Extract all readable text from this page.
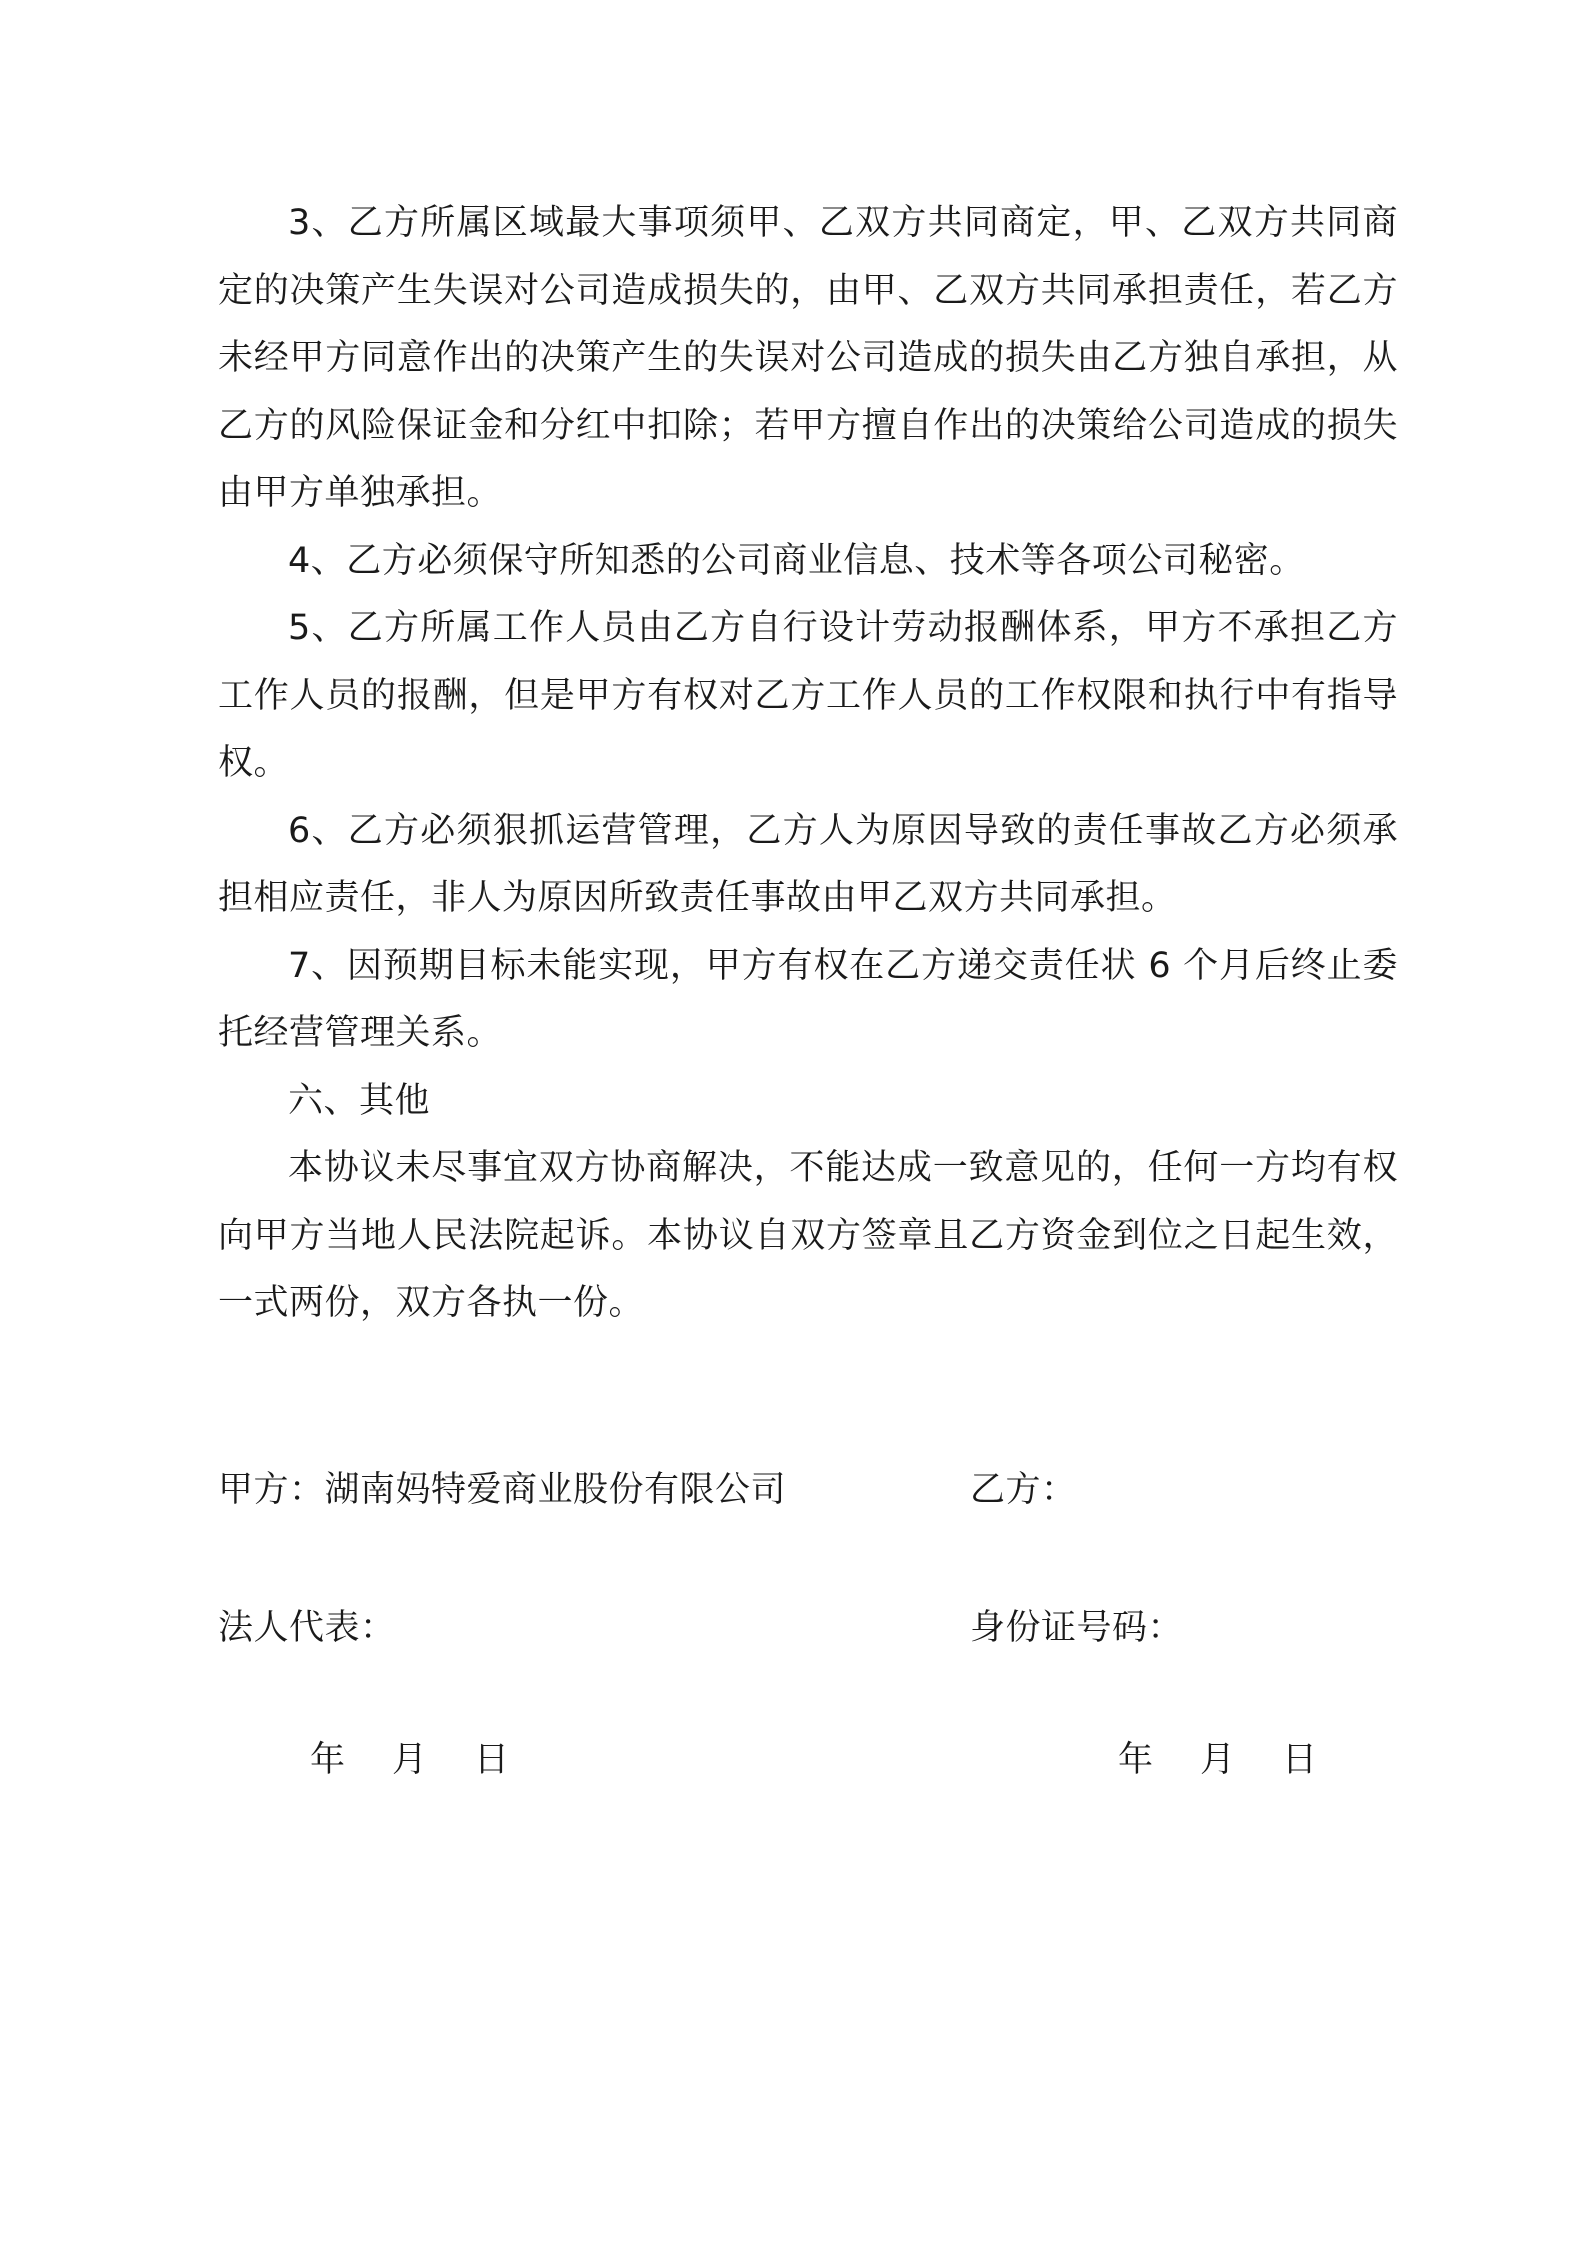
3、乙方所属区域最大事项须甲、乙双方共同商定，甲、乙双方共同商定的决策产生失误对公司造成损失的，由甲、乙双方共同承担责任，若乙方未经甲方同意作出的决策产生的失误对公司造成的损失由乙方独自承担，从乙方的风险保证金和分红中扣除；若甲方擅自作出的决策给公司造成的损失由甲方单独承担。

4、乙方必须保守所知悉的公司商业信息、技术等各项公司秘密。

5、乙方所属工作人员由乙方自行设计劳动报酬体系，甲方不承担乙方工作人员的报酬，但是甲方有权对乙方工作人员的工作权限和执行中有指导权。

6、乙方必须狠抓运营管理，乙方人为原因导致的责任事故乙方必须承担相应责任，非人为原因所致责任事故由甲乙双方共同承担。

7、因预期目标未能实现，甲方有权在乙方递交责任状 6 个月后终止委托经营管理关系。

六、其他

本协议未尽事宜双方协商解决，不能达成一致意见的，任何一方均有权向甲方当地人民法院起诉。本协议自双方签章且乙方资金到位之日起生效，一式两份，双方各执一份。

甲方：湖南妈特爱商业股份有限公司	乙方：
法人代表：	身份证号码：
年    月    日	年    月    日
